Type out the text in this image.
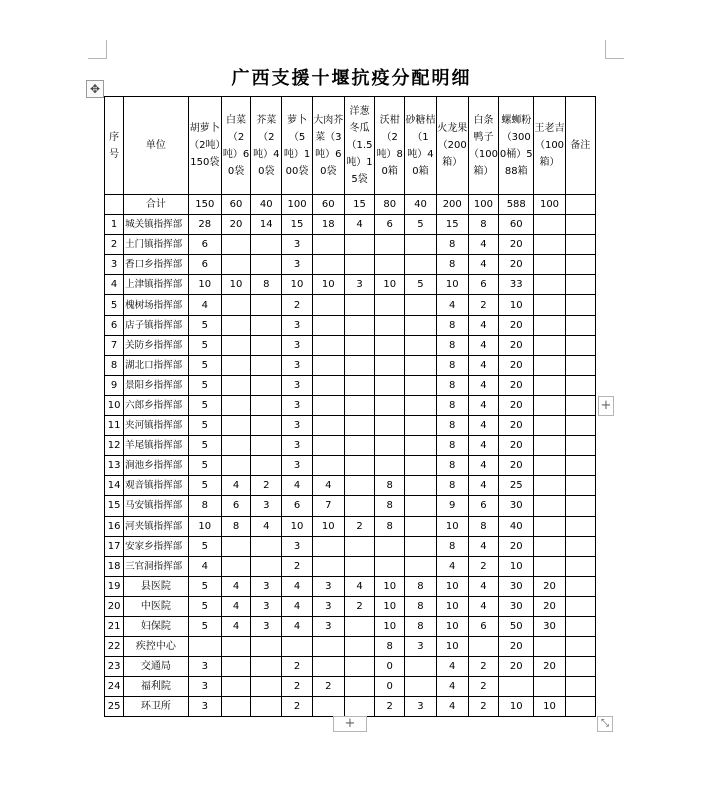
✥	广西支援十堰抗疫分配明细
序号	单位	胡萝卜（2吨）150袋	白菜（2吨）60袋	芥菜（2吨）40袋	萝卜（5吨）100袋	大肉芥菜（3吨）60袋	洋葱冬瓜（1.5吨）15袋	沃柑（2吨）80箱	砂糖桔（1吨）40箱	火龙果（200箱）	白条鸭子（100箱）	螺蛳粉（3000桶）588箱	王老吉（100箱）	备注
	合计	150	60	40	100	60	15	80	40	200	100	588	100	
1	城关镇指挥部	28	20	14	15	18	4	6	5	15	8	60		
2	土门镇指挥部	6			3					8	4	20		
3	香口乡指挥部	6			3					8	4	20		
4	上津镇指挥部	10	10	8	10	10	3	10	5	10	6	33		
5	槐树场指挥部	4			2					4	2	10		
6	店子镇指挥部	5			3					8	4	20		
7	关防乡指挥部	5			3					8	4	20		
8	湖北口指挥部	5			3					8	4	20		
9	景阳乡指挥部	5			3					8	4	20		
10	六郎乡指挥部	5			3					8	4	20		
11	夹河镇指挥部	5			3					8	4	20		
12	羊尾镇指挥部	5			3					8	4	20		
13	涧池乡指挥部	5			3					8	4	20		
14	观音镇指挥部	5	4	2	4	4		8		8	4	25		
15	马安镇指挥部	8	6	3	6	7		8		9	6	30		
16	河夹镇指挥部	10	8	4	10	10	2	8		10	8	40		
17	安家乡指挥部	5			3					8	4	20		
18	三官洞指挥部	4			2					4	2	10		
19	县医院	5	4	3	4	3	4	10	8	10	4	30	20	
20	中医院	5	4	3	4	3	2	10	8	10	4	30	20	
21	妇保院	5	4	3	4	3		10	8	10	6	50	30	
22	疾控中心							8	3	10		20		
23	交通局	3			2			0		4	2	20	20	
24	福利院	3			2	2		0		4	2			
25	环卫所	3			2			2	3	4	2	10	10	
+
+	⤡
